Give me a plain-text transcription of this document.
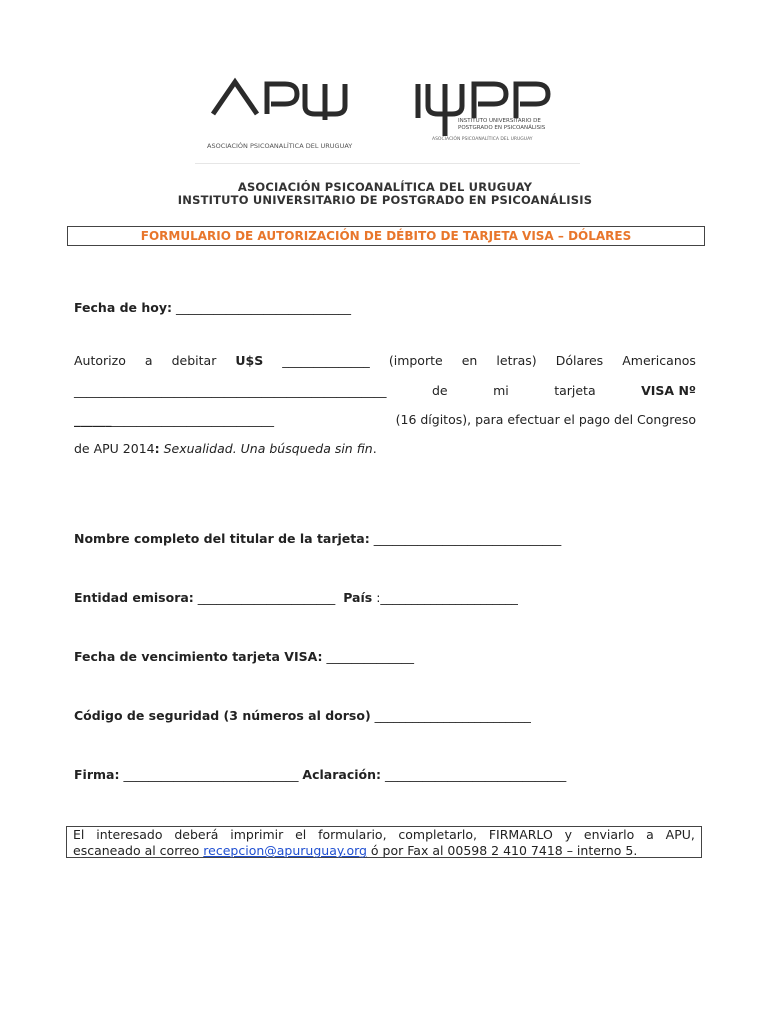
ASOCIACIÓN PSICOANALÍTICA DEL URUGUAY
INSTITUTO UNIVERSITARIO DE
POSTGRADO EN PSICOANÁLISIS
ASOCIACIÓN PSICOANALÍTICA DEL URUGUAY
ASOCIACIÓN PSICOANALÍTICA DEL URUGUAY
INSTITUTO UNIVERSITARIO DE POSTGRADO EN PSICOANÁLISIS
FORMULARIO DE AUTORIZACIÓN DE DÉBITO DE TARJETA VISA – DÓLARES
Fecha de hoy: ____________________________
Autorizo a debitar U$S ______________ (importe en letras) Dólares Americanos
__________________________________________________	de	mi	tarjeta	VISA Nº
________________________________	(16 dígitos), para efectuar el pago del Congreso
de APU 2014: Sexualidad. Una búsqueda sin fin.
Nombre completo del titular de la tarjeta: ______________________________
Entidad emisora: ______________________ País :______________________
Fecha de vencimiento tarjeta VISA: ______________
Código de seguridad (3 números al dorso) _________________________
Firma: ____________________________ Aclaración: _____________________________
El interesado deberá imprimir el formulario, completarlo, FIRMARLO y enviarlo a APU,
escaneado al correo recepcion@apuruguay.org ó por Fax al 00598 2 410 7418 – interno 5.
